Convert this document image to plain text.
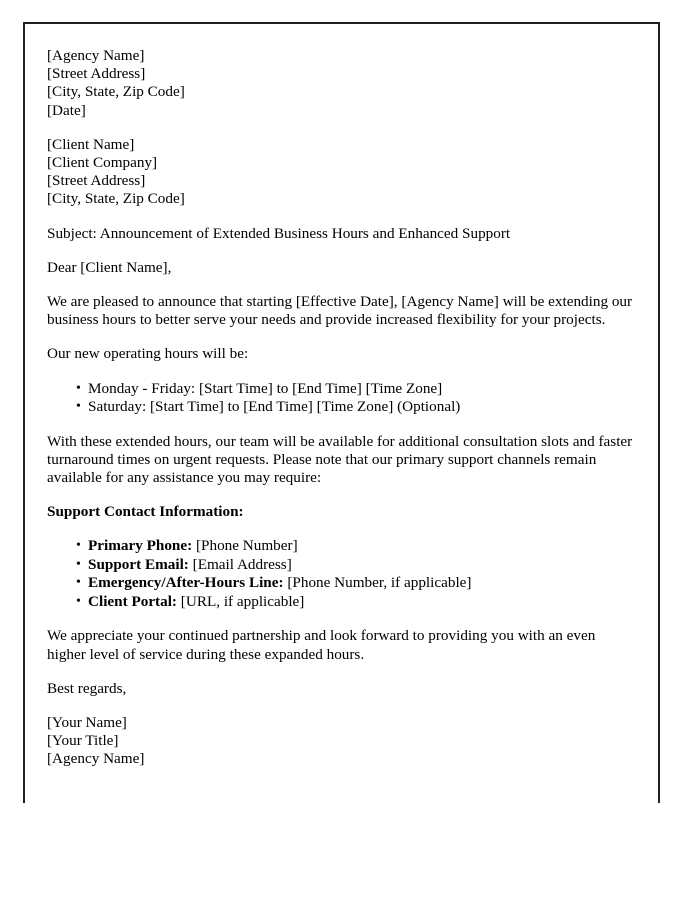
[Agency Name]
[Street Address]
[City, State, Zip Code]
[Date]
[Client Name]
[Client Company]
[Street Address]
[City, State, Zip Code]

Subject: Announcement of Extended Business Hours and Enhanced Support

Dear [Client Name],

We are pleased to announce that starting [Effective Date], [Agency Name] will be extending our business hours to better serve your needs and provide increased flexibility for your projects.

Our new operating hours will be:

• Monday - Friday: [Start Time] to [End Time] [Time Zone]
• Saturday: [Start Time] to [End Time] [Time Zone] (Optional)

With these extended hours, our team will be available for additional consultation slots and faster turnaround times on urgent requests. Please note that our primary support channels remain available for any assistance you may require:

Support Contact Information:

• Primary Phone: [Phone Number]
• Support Email: [Email Address]
• Emergency/After-Hours Line: [Phone Number, if applicable]
• Client Portal: [URL, if applicable]

We appreciate your continued partnership and look forward to providing you with an even higher level of service during these expanded hours.

Best regards,

[Your Name]
[Your Title]
[Agency Name]
